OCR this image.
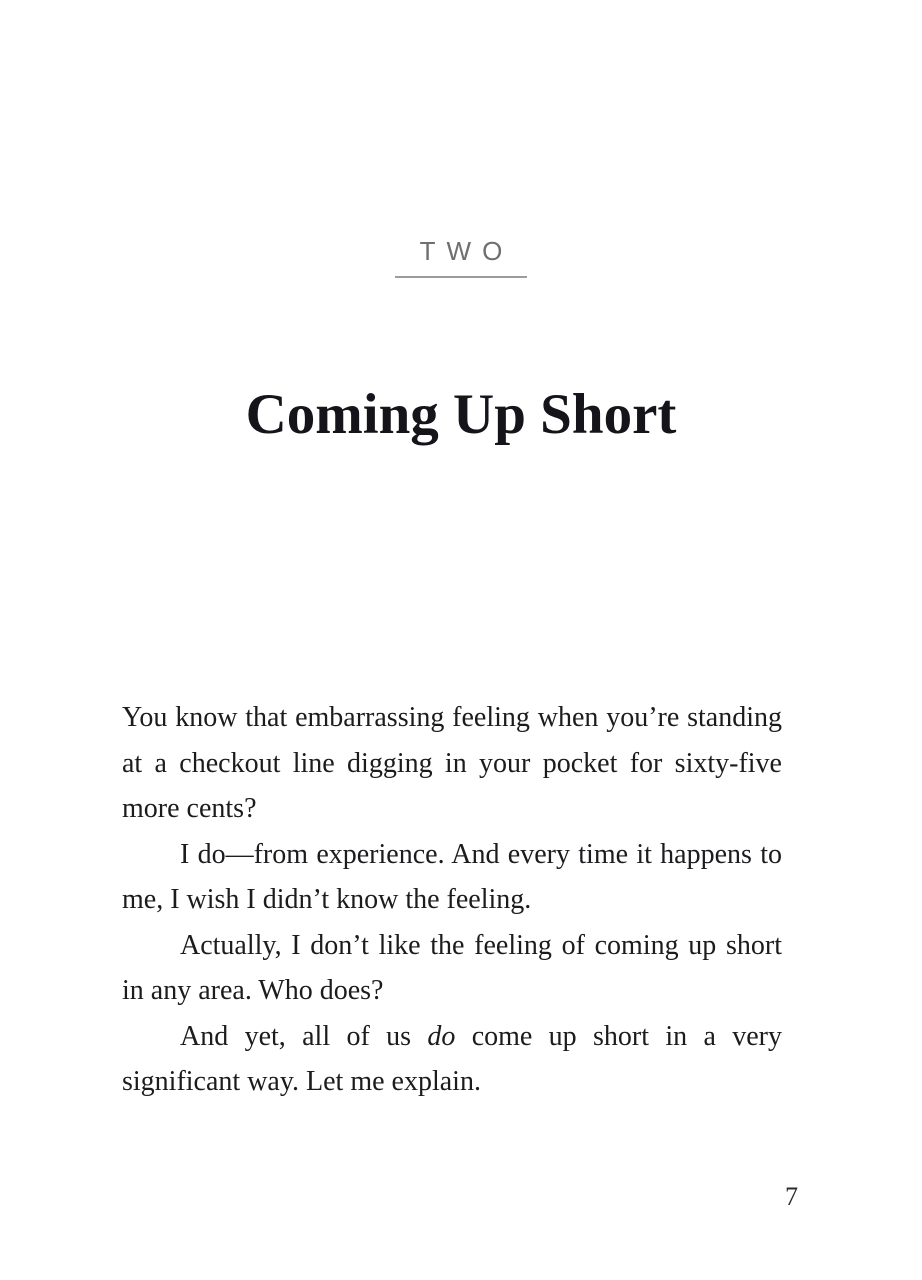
TWO
Coming Up Short

You know that embarrassing feeling when you’re standing at a checkout line digging in your pocket for sixty-five more cents?

I do—from experience. And every time it happens to me, I wish I didn’t know the feeling.

Actually, I don’t like the feeling of coming up short in any area. Who does?

And yet, all of us do come up short in a very significant way. Let me explain.

7
